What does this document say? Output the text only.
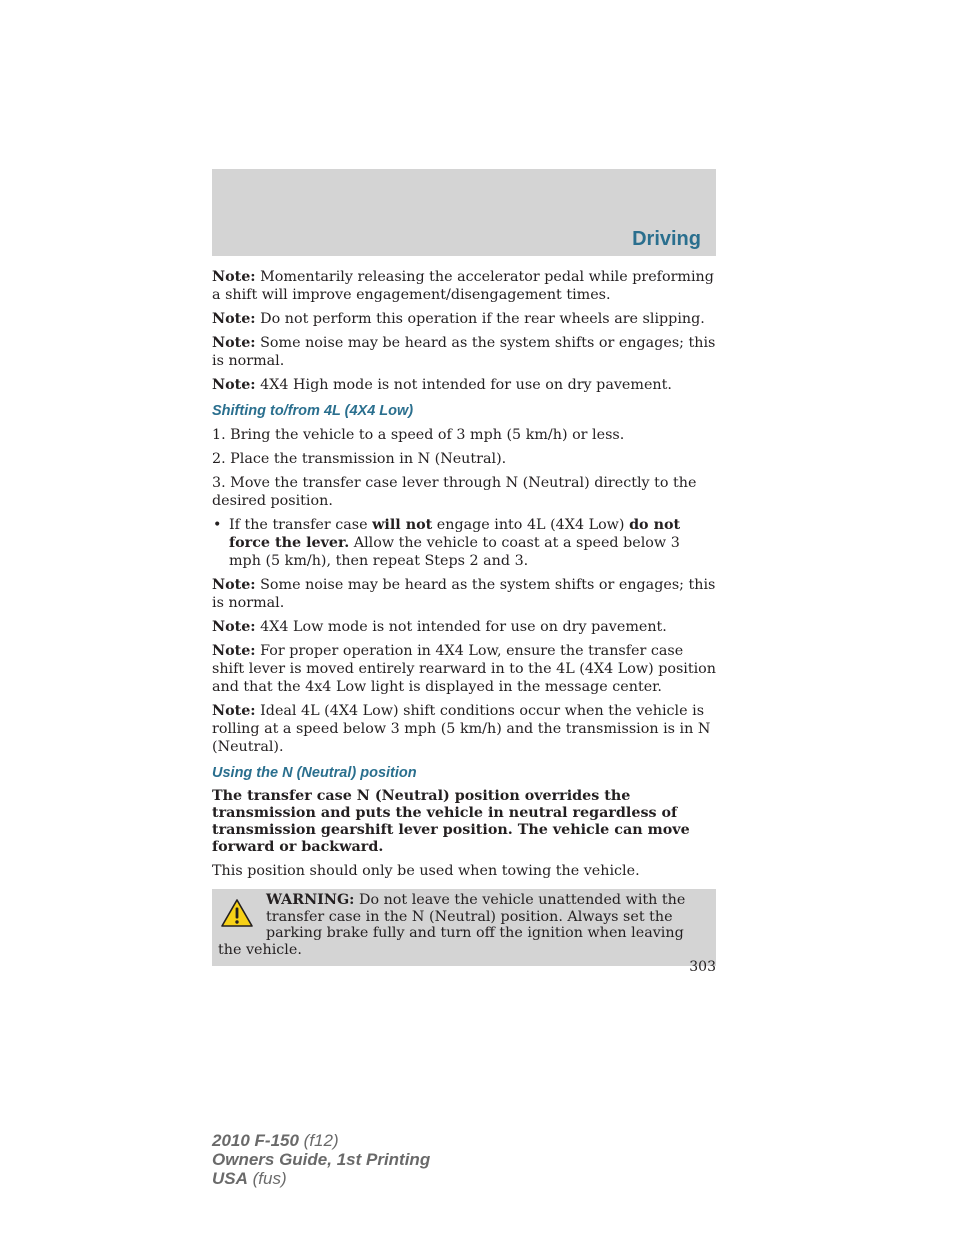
Driving

Note: Momentarily releasing the accelerator pedal while preforming a shift will improve engagement/disengagement times.

Note: Do not perform this operation if the rear wheels are slipping.

Note: Some noise may be heard as the system shifts or engages; this is normal.

Note: 4X4 High mode is not intended for use on dry pavement.

Shifting to/from 4L (4X4 Low)

1. Bring the vehicle to a speed of 3 mph (5 km/h) or less.

2. Place the transmission in N (Neutral).

3. Move the transfer case lever through N (Neutral) directly to the desired position.

• If the transfer case will not engage into 4L (4X4 Low) do not force the lever. Allow the vehicle to coast at a speed below 3 mph (5 km/h), then repeat Steps 2 and 3.

Note: Some noise may be heard as the system shifts or engages; this is normal.

Note: 4X4 Low mode is not intended for use on dry pavement.

Note: For proper operation in 4X4 Low, ensure the transfer case shift lever is moved entirely rearward in to the 4L (4X4 Low) position and that the 4x4 Low light is displayed in the message center.

Note: Ideal 4L (4X4 Low) shift conditions occur when the vehicle is rolling at a speed below 3 mph (5 km/h) and the transmission is in N (Neutral).

Using the N (Neutral) position

The transfer case N (Neutral) position overrides the transmission and puts the vehicle in neutral regardless of transmission gearshift lever position. The vehicle can move forward or backward.

This position should only be used when towing the vehicle.

WARNING: Do not leave the vehicle unattended with the transfer case in the N (Neutral) position. Always set the parking brake fully and turn off the ignition when leaving the vehicle.
303
2010 F-150 (f12)
Owners Guide, 1st Printing
USA (fus)
